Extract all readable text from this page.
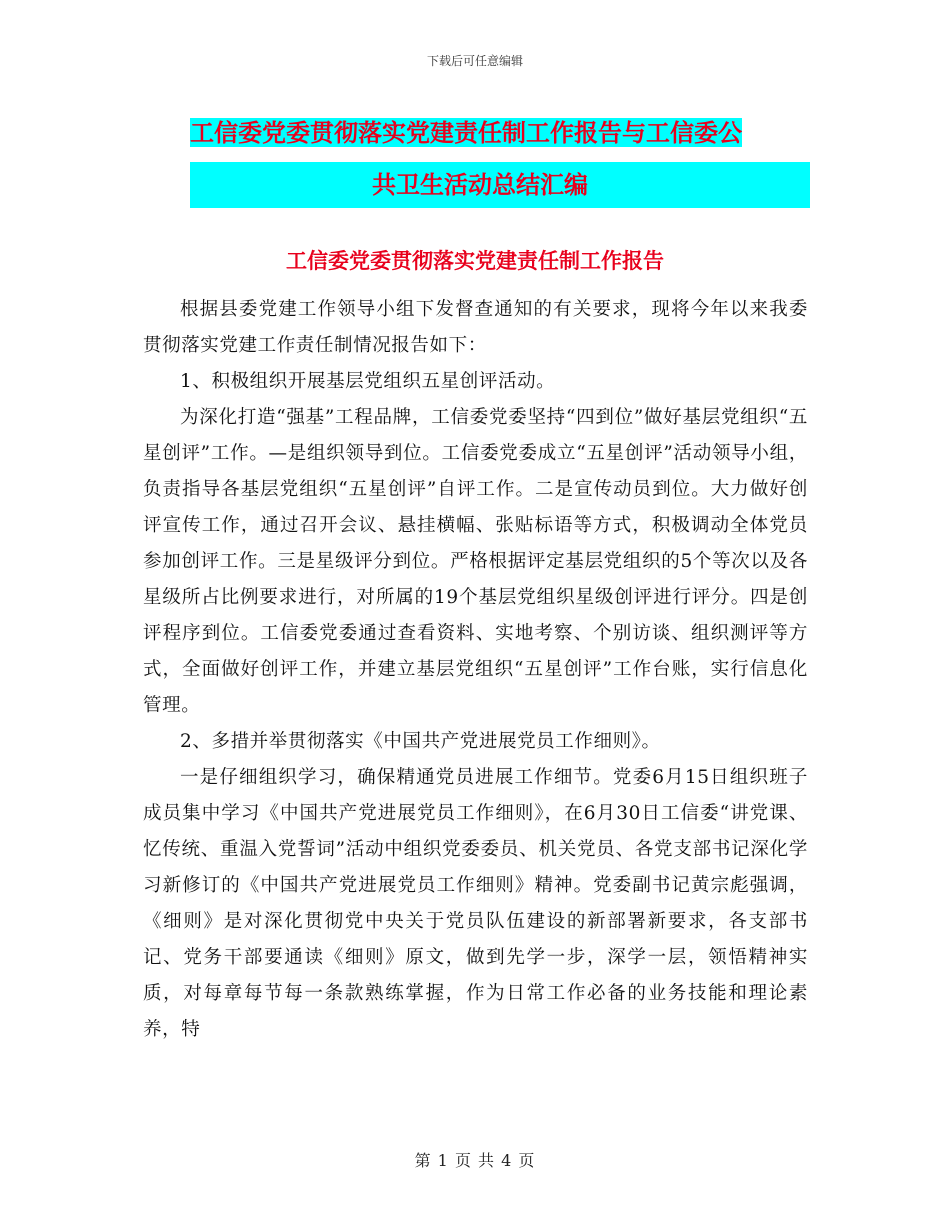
下载后可任意编辑
工信委党委贯彻落实党建责任制工作报告与工信委公
共卫生活动总结汇编
工信委党委贯彻落实党建责任制工作报告

根据县委党建工作领导小组下发督查通知的有关要求，现将今年以来我委贯彻落实党建工作责任制情况报告如下：

1、积极组织开展基层党组织五星创评活动。

为深化打造“强基”工程品牌，工信委党委坚持“四到位”做好基层党组织“五星创评”工作。—是组织领导到位。工信委党委成立“五星创评”活动领导小组，负责指导各基层党组织“五星创评”自评工作。二是宣传动员到位。大力做好创评宣传工作，通过召开会议、悬挂横幅、张贴标语等方式，积极调动全体党员参加创评工作。三是星级评分到位。严格根据评定基层党组织的5个等次以及各星级所占比例要求进行，对所属的19个基层党组织星级创评进行评分。四是创评程序到位。工信委党委通过查看资料、实地考察、个别访谈、组织测评等方式，全面做好创评工作，并建立基层党组织“五星创评”工作台账，实行信息化管理。

2、多措并举贯彻落实《中国共产党进展党员工作细则》。

一是仔细组织学习，确保精通党员进展工作细节。党委6月15日组织班子成员集中学习《中国共产党进展党员工作细则》，在6月30日工信委“讲党课、忆传统、重温入党誓词”活动中组织党委委员、机关党员、各党支部书记深化学习新修订的《中国共产党进展党员工作细则》精神。党委副书记黄宗彪强调，《细则》是对深化贯彻党中央关于党员队伍建设的新部署新要求，各支部书记、党务干部要通读《细则》原文，做到先学一步，深学一层，领悟精神实质，对每章每节每一条款熟练掌握，作为日常工作必备的业务技能和理论素养，特

第 1 页 共 4 页
